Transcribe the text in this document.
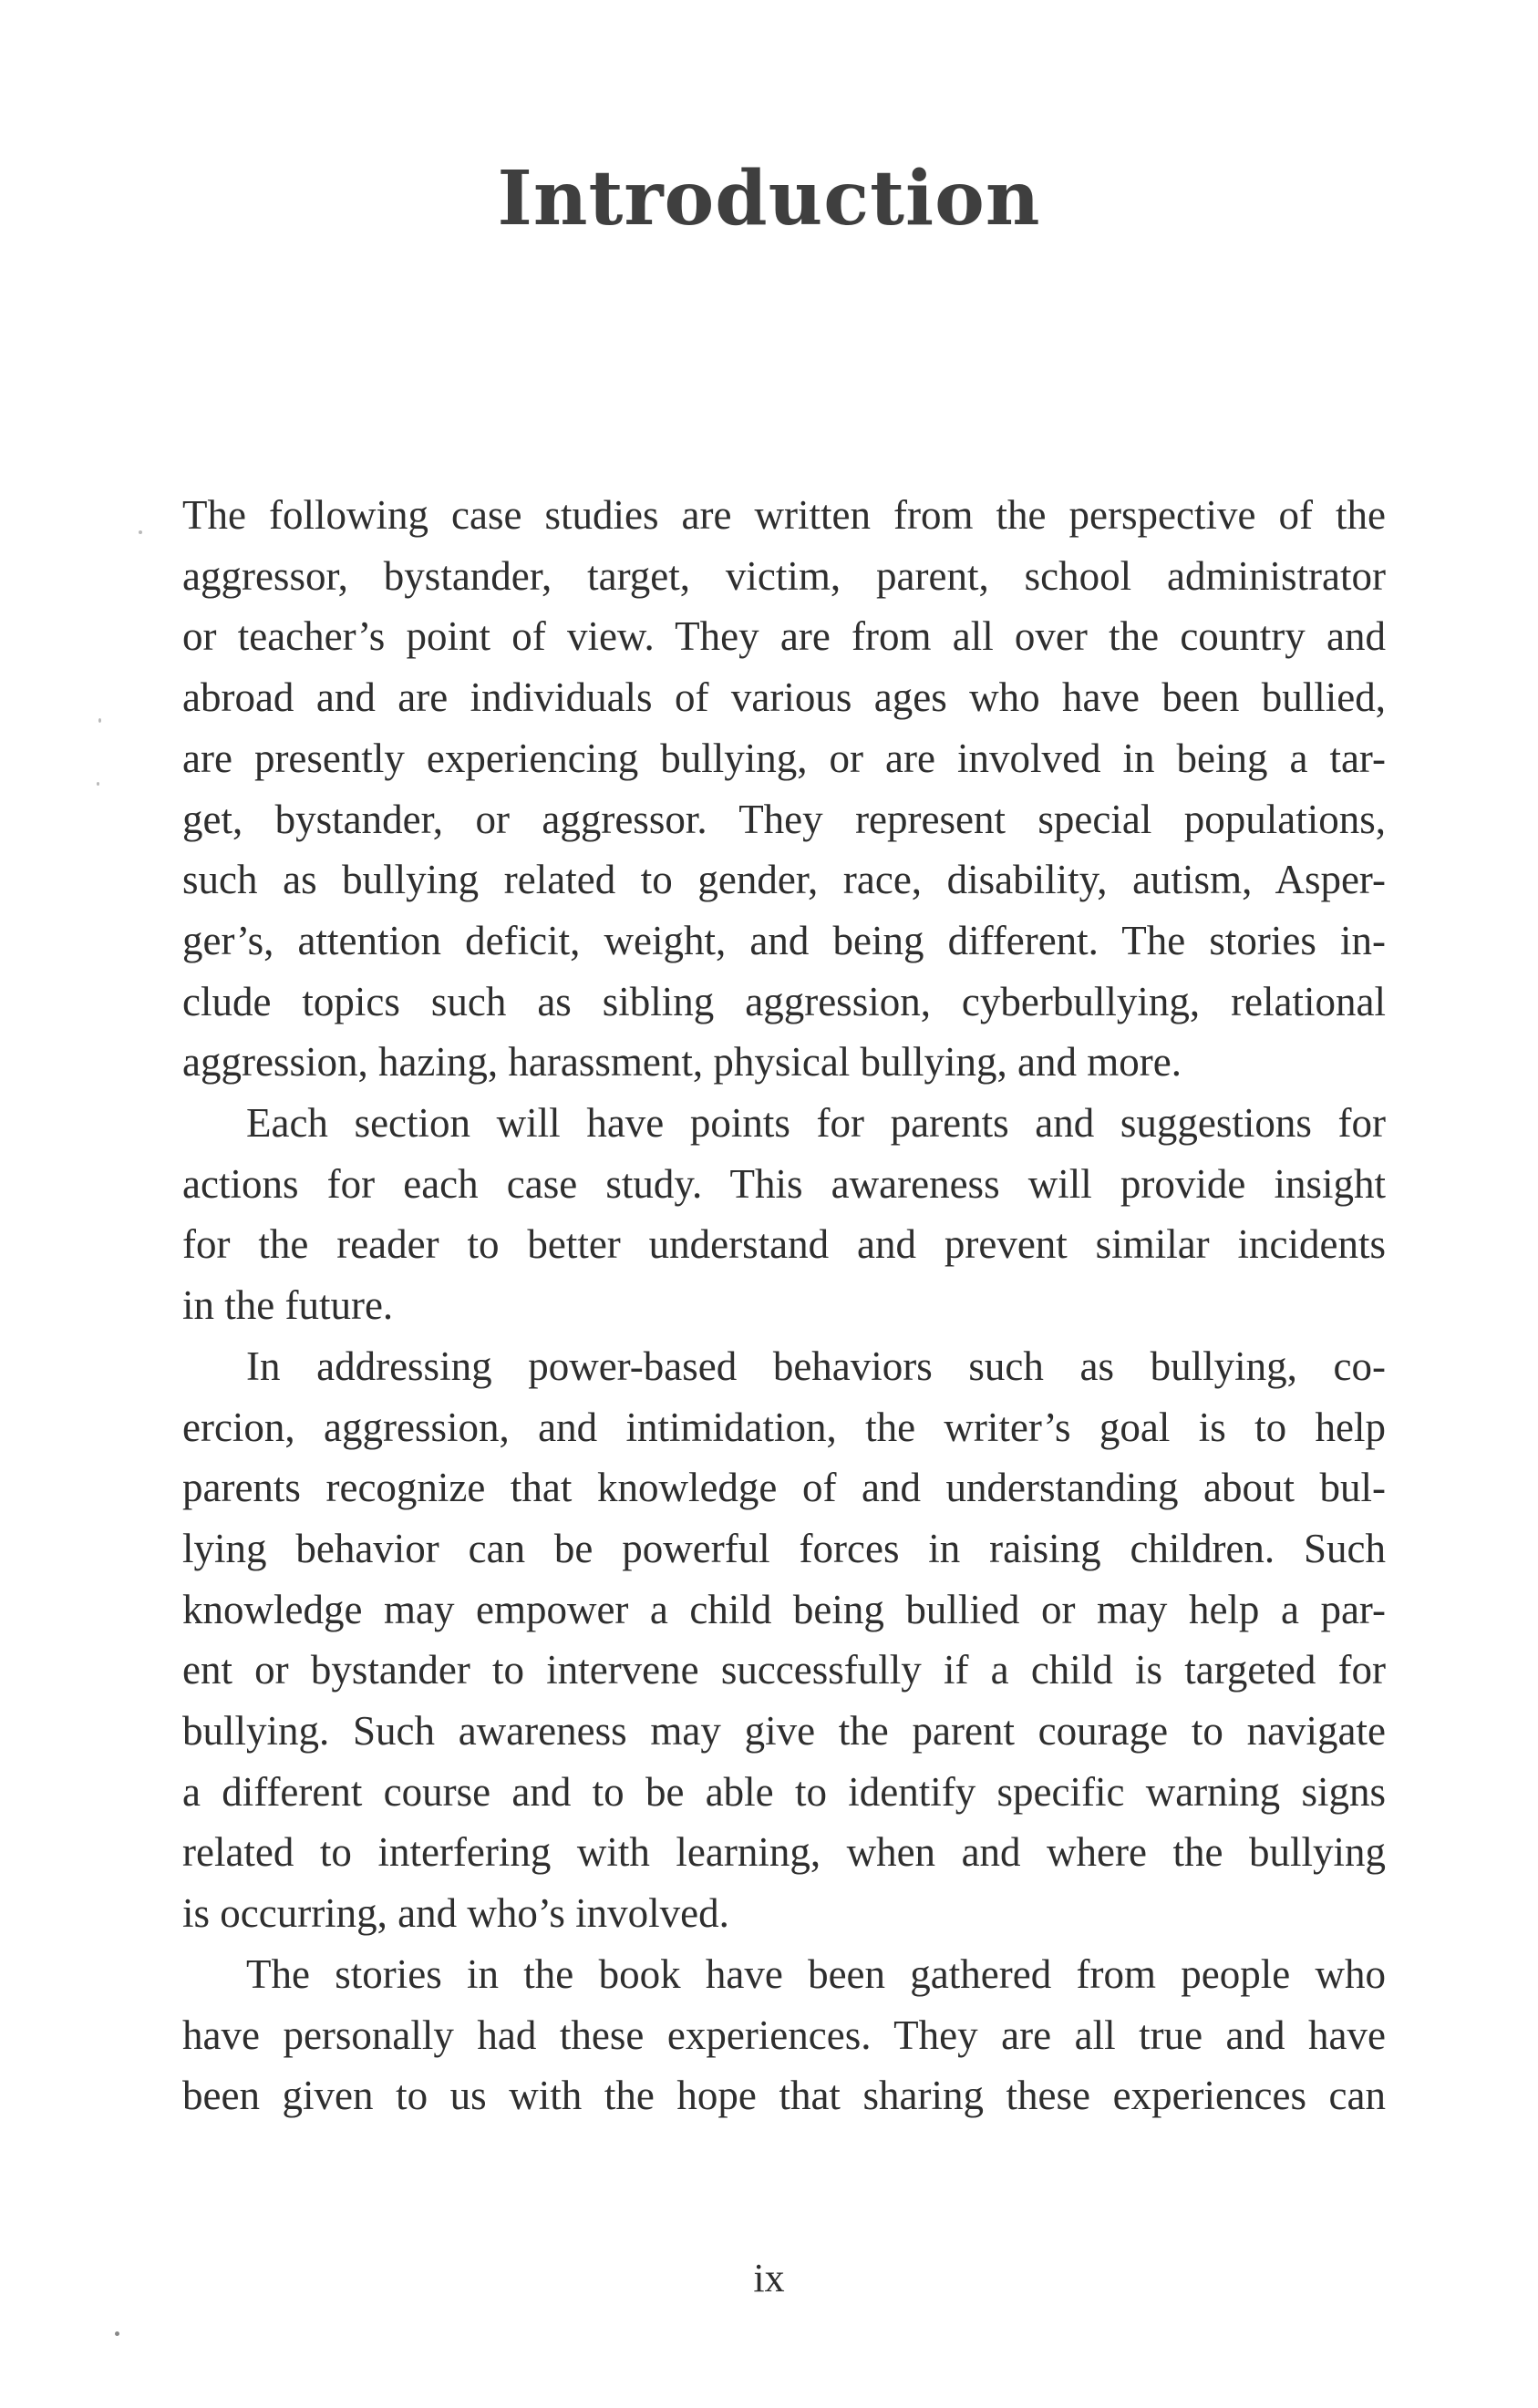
Introduction
The following case studies are written from the perspective of the
aggressor, bystander, target, victim, parent, school administrator
or teacher’s point of view. They are from all over the country and
abroad and are individuals of various ages who have been bullied,
are presently experiencing bullying, or are involved in being a tar-
get, bystander, or aggressor. They represent special populations,
such as bullying related to gender, race, disability, autism, Asper-
ger’s, attention deficit, weight, and being different. The stories in-
clude topics such as sibling aggression, cyberbullying, relational
aggression, hazing, harassment, physical bullying, and more.
Each section will have points for parents and suggestions for
actions for each case study. This awareness will provide insight
for the reader to better understand and prevent similar incidents
in the future.
In addressing power-based behaviors such as bullying, co-
ercion, aggression, and intimidation, the writer’s goal is to help
parents recognize that knowledge of and understanding about bul-
lying behavior can be powerful forces in raising children. Such
knowledge may empower a child being bullied or may help a par-
ent or bystander to intervene successfully if a child is targeted for
bullying. Such awareness may give the parent courage to navigate
a different course and to be able to identify specific warning signs
related to interfering with learning, when and where the bullying
is occurring, and who’s involved.
The stories in the book have been gathered from people who
have personally had these experiences. They are all true and have
been given to us with the hope that sharing these experiences can
ix
